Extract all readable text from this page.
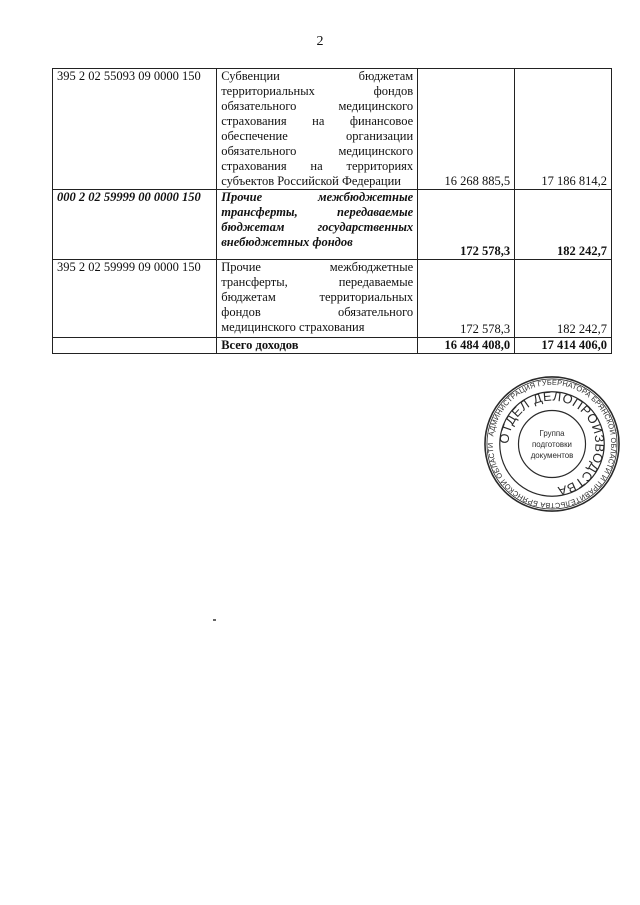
2
395 2 02 55093 09 0000 150	Субвенции бюджетам территориальных фондов обязательного медицинского страхования на финансовое обеспечение организации обязательного медицинского страхования на территориях субъектов Российской Федерации	16 268 885,5	17 186 814,2
000 2 02 59999 00 0000 150	Прочие межбюджетные трансферты, передаваемые бюджетам государственных внебюджетных фондов	172 578,3	182 242,7
395 2 02 59999 09 0000 150	Прочие межбюджетные трансферты, передаваемые бюджетам территориальных фондов обязательного медицинского страхования	172 578,3	182 242,7
	Всего доходов	16 484 408,0	17 414 406,0
АДМИНИСТРАЦИЯ ГУБЕРНАТОРА БРЯНСКОЙ ОБЛАСТИ И ПРАВИТЕЛЬСТВА БРЯНСКОЙ ОБЛАСТИ
ОТДЕЛ ДЕЛОПРОИЗВОДСТВА
Группа
подготовки
документов
